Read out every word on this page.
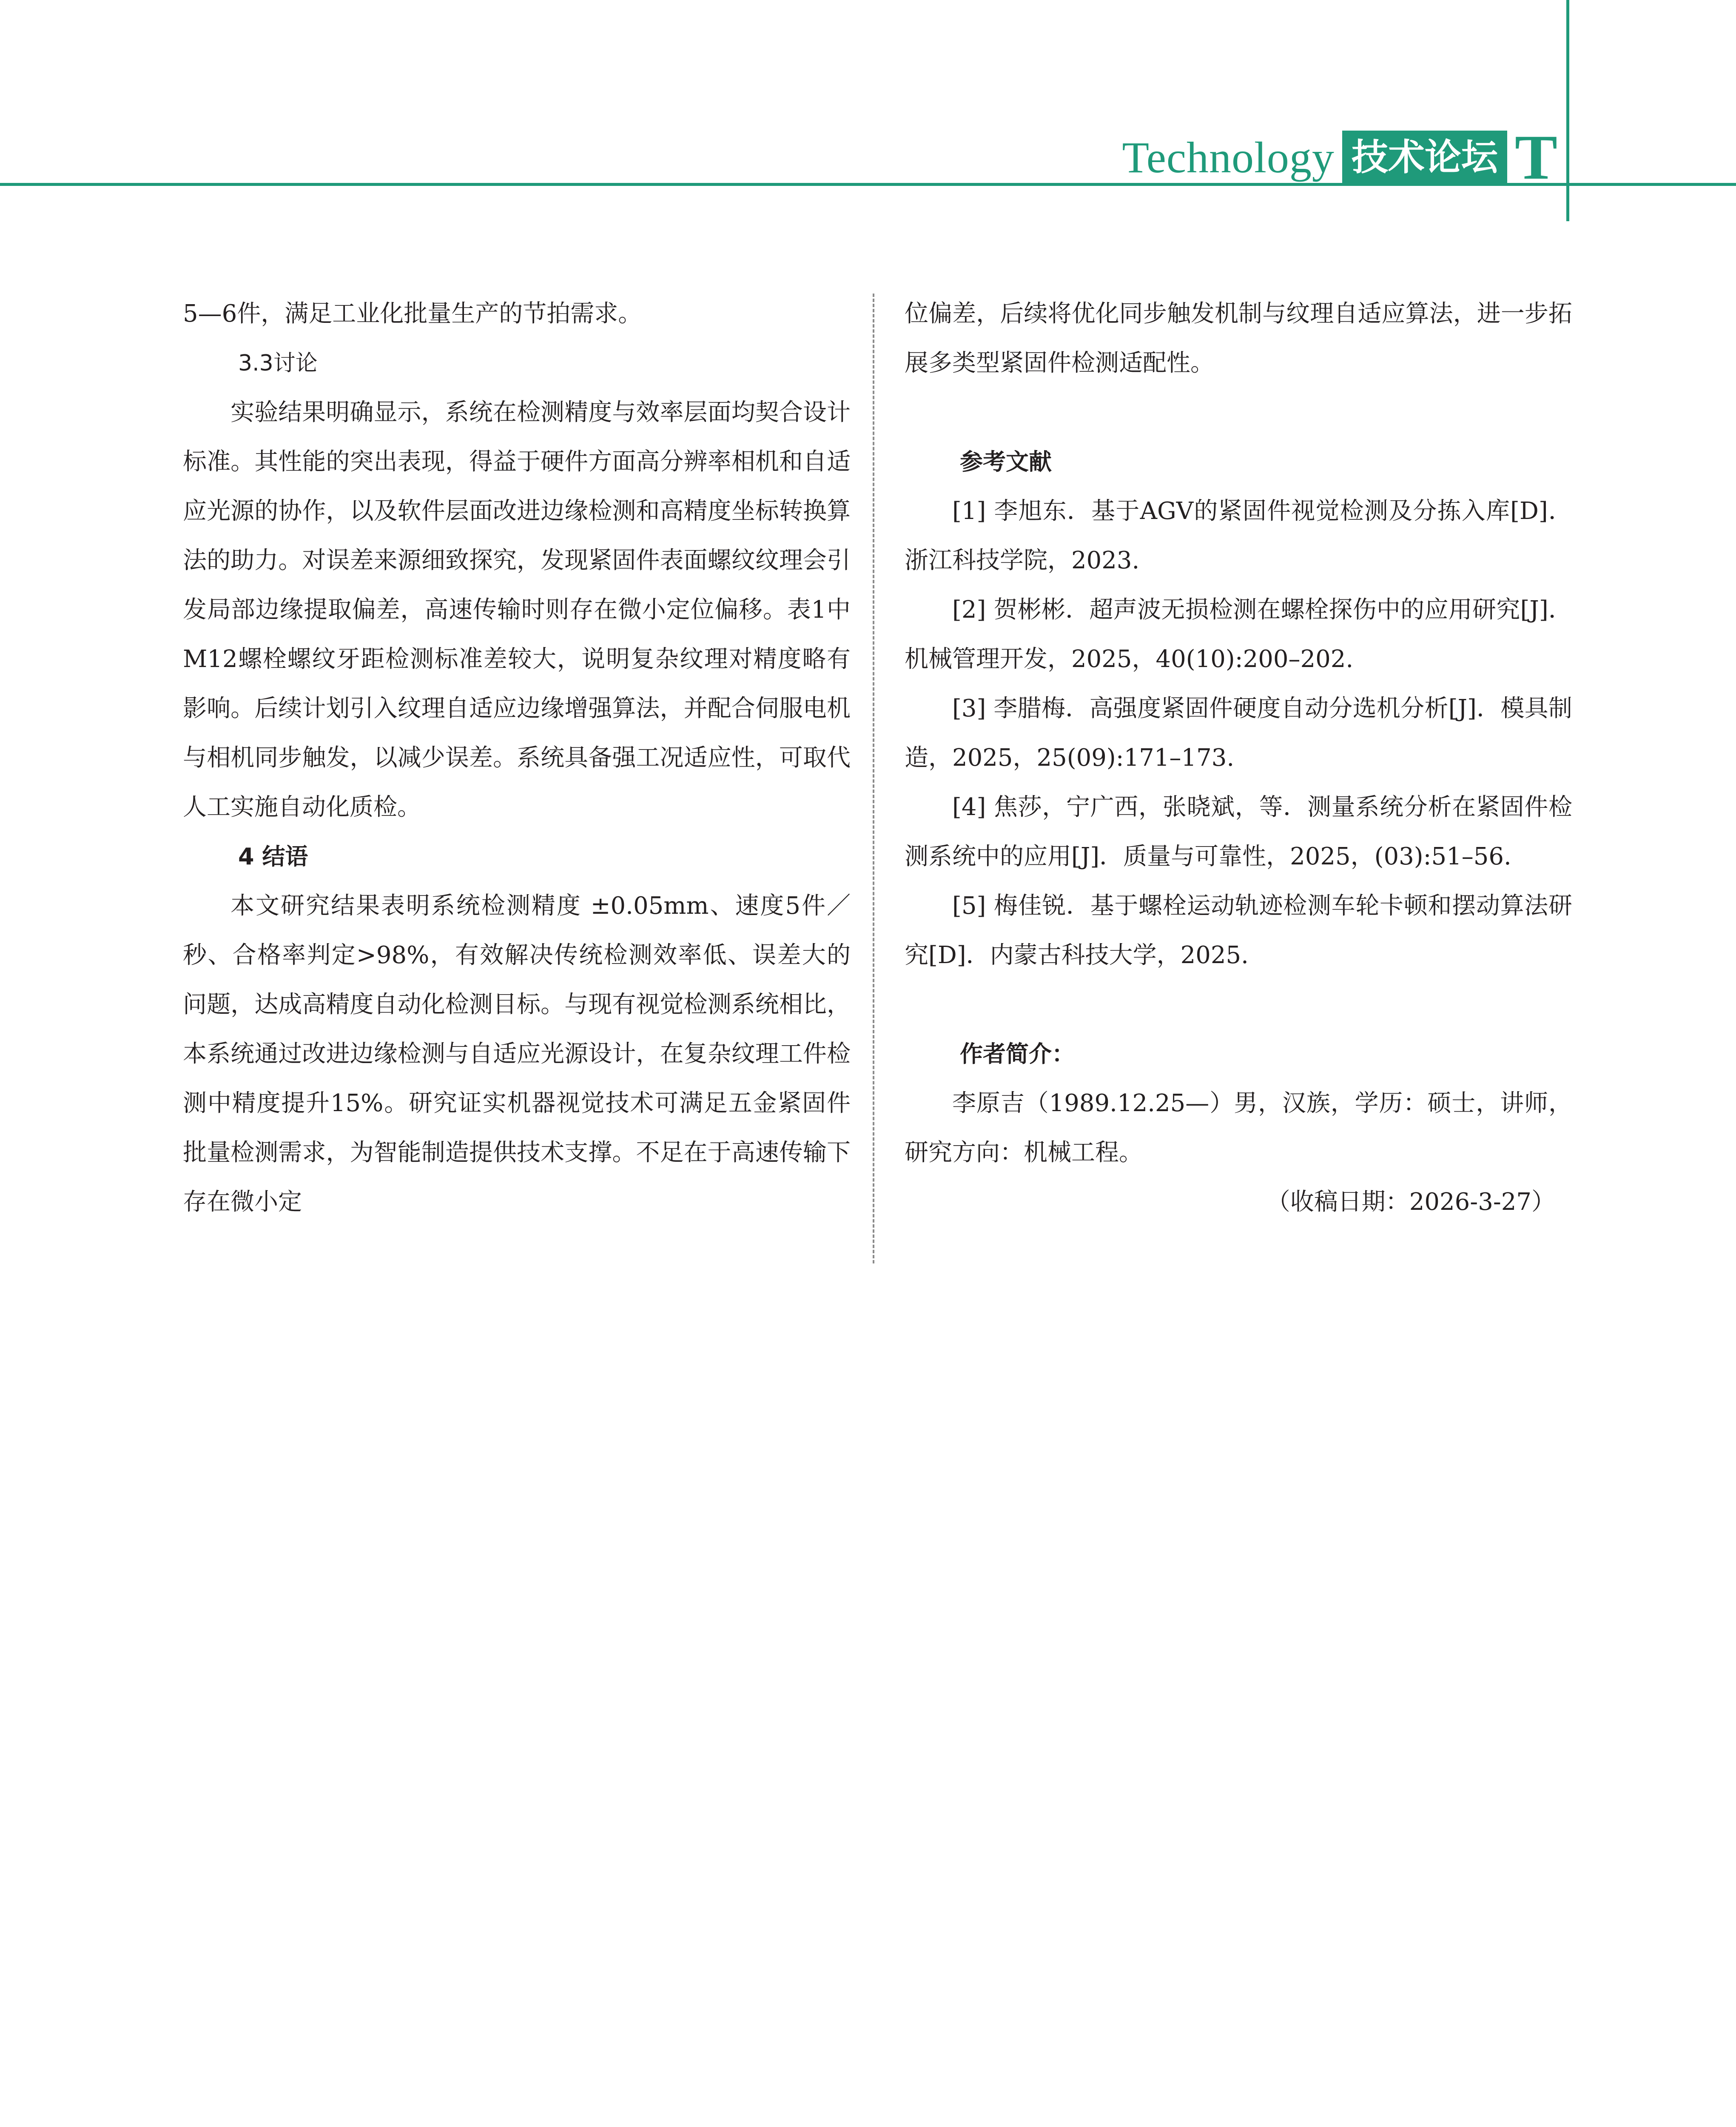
Technology 技术论坛 T

5—6件，满足工业化批量生产的节拍需求。

3.3讨论

实验结果明确显示，系统在检测精度与效率层面均契合设计标准。其性能的突出表现，得益于硬件方面高分辨率相机和自适应光源的协作，以及软件层面改进边缘检测和高精度坐标转换算法的助力。对误差来源细致探究，发现紧固件表面螺纹纹理会引发局部边缘提取偏差，高速传输时则存在微小定位偏移。表1中M12螺栓螺纹牙距检测标准差较大，说明复杂纹理对精度略有影响。后续计划引入纹理自适应边缘增强算法，并配合伺服电机与相机同步触发，以减少误差。系统具备强工况适应性，可取代人工实施自动化质检。

4 结语

本文研究结果表明系统检测精度 ±0.05mm、速度5件／秒、合格率判定>98%，有效解决传统检测效率低、误差大的问题，达成高精度自动化检测目标。与现有视觉检测系统相比，本系统通过改进边缘检测与自适应光源设计，在复杂纹理工件检测中精度提升15%。研究证实机器视觉技术可满足五金紧固件批量检测需求，为智能制造提供技术支撑。不足在于高速传输下存在微小定

位偏差，后续将优化同步触发机制与纹理自适应算法，进一步拓展多类型紧固件检测适配性。

参考文献

[1] 李旭东．基于AGV的紧固件视觉检测及分拣入库[D]．浙江科技学院，2023.

[2] 贺彬彬．超声波无损检测在螺栓探伤中的应用研究[J]．机械管理开发，2025，40(10):200–202.

[3] 李腊梅．高强度紧固件硬度自动分选机分析[J]．模具制造，2025，25(09):171–173.

[4] 焦莎，宁广西，张晓斌，等．测量系统分析在紧固件检测系统中的应用[J]．质量与可靠性，2025，(03):51–56.

[5] 梅佳锐．基于螺栓运动轨迹检测车轮卡顿和摆动算法研究[D]．内蒙古科技大学，2025.

作者简介：

李原吉（1989.12.25—）男，汉族，学历：硕士，讲师，研究方向：机械工程。

（收稿日期：2026-3-27）
